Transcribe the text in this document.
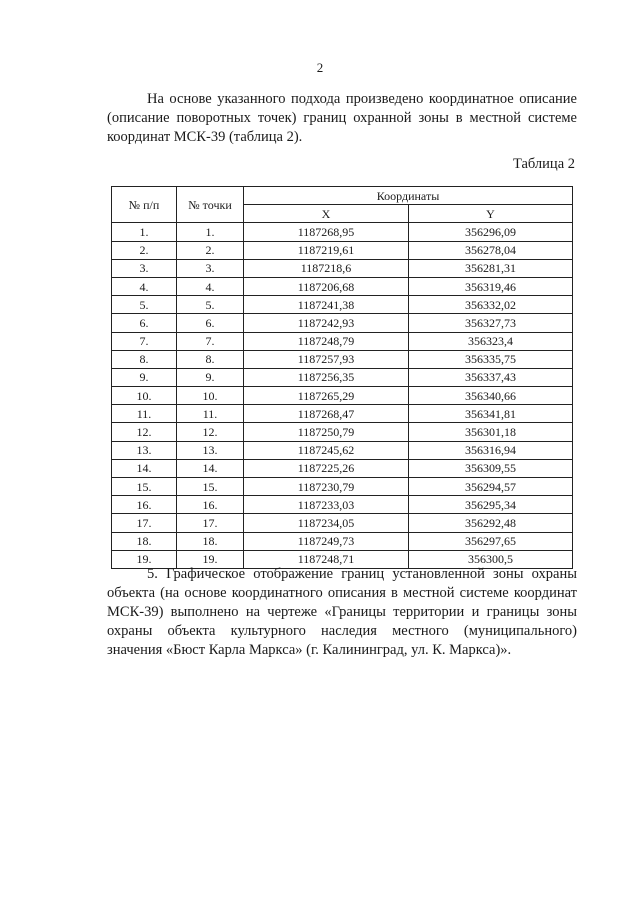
2

На основе указанного подхода произведено координатное описание (описание поворотных точек) границ охранной зоны в местной системе координат МСК-39 (таблица 2).

Таблица 2
№ п/п	№ точки	Координаты	
		X	Y
1.	1.	1187268,95	356296,09
2.	2.	1187219,61	356278,04
3.	3.	1187218,6	356281,31
4.	4.	1187206,68	356319,46
5.	5.	1187241,38	356332,02
6.	6.	1187242,93	356327,73
7.	7.	1187248,79	356323,4
8.	8.	1187257,93	356335,75
9.	9.	1187256,35	356337,43
10.	10.	1187265,29	356340,66
11.	11.	1187268,47	356341,81
12.	12.	1187250,79	356301,18
13.	13.	1187245,62	356316,94
14.	14.	1187225,26	356309,55
15.	15.	1187230,79	356294,57
16.	16.	1187233,03	356295,34
17.	17.	1187234,05	356292,48
18.	18.	1187249,73	356297,65
19.	19.	1187248,71	356300,5

5. Графическое отображение границ установленной зоны охраны объекта (на основе координатного описания в местной системе координат МСК-39) выполнено на чертеже «Границы территории и границы зоны охраны объекта культурного наследия местного (муниципального) значения «Бюст Карла Маркса» (г. Калининград, ул. К. Маркса)».
